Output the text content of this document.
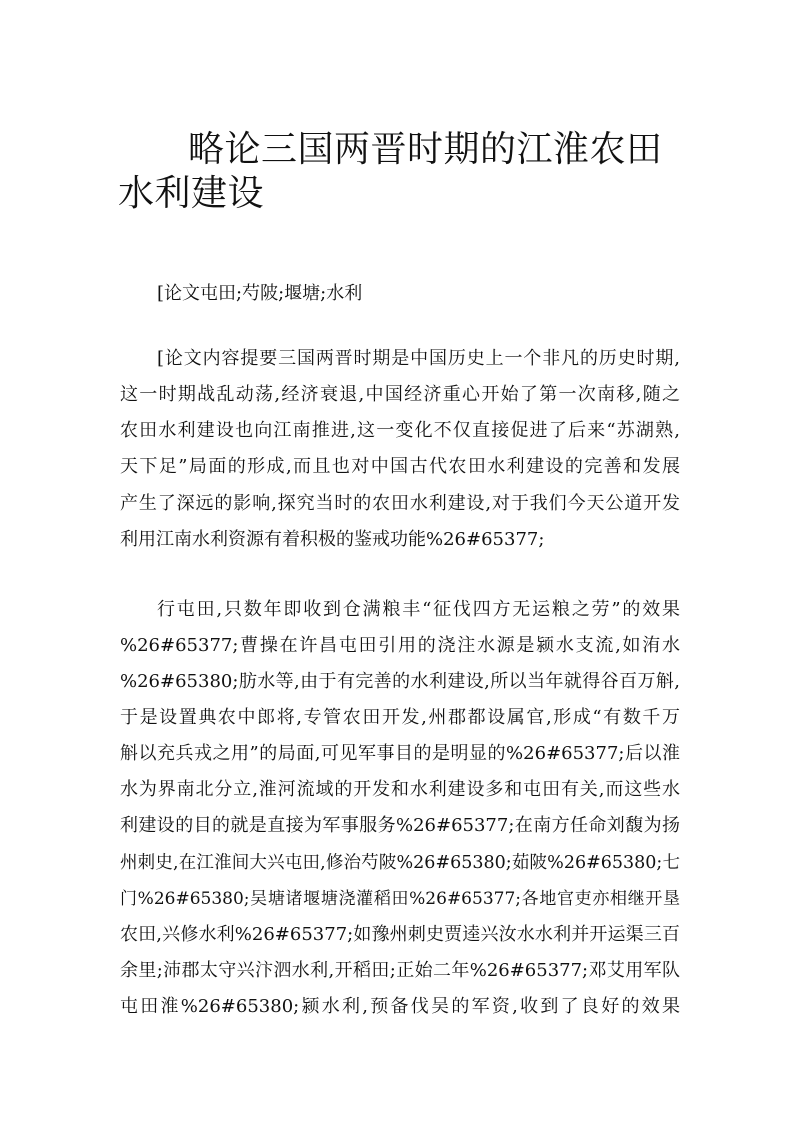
略论三国两晋时期的江淮农田水利建设

[论文屯田;芍陂;堰塘;水利

[论文内容提要三国两晋时期是中国历史上一个非凡的历史时期,

这一时期战乱动荡,经济衰退,中国经济重心开始了第一次南移,随之

农田水利建设也向江南推进,这一变化不仅直接促进了后来“苏湖熟,

天下足”局面的形成,而且也对中国古代农田水利建设的完善和发展

产生了深远的影响,探究当时的农田水利建设,对于我们今天公道开发

利用江南水利资源有着积极的鉴戒功能%26#65377;

行屯田,只数年即收到仓满粮丰“征伐四方无运粮之劳”的效果

%26#65377;曹操在许昌屯田引用的浇注水源是颍水支流,如洧水

%26#65380;肪水等,由于有完善的水利建设,所以当年就得谷百万斛,

于是设置典农中郎将,专管农田开发,州郡都设属官,形成“有数千万

斛以充兵戎之用”的局面,可见军事目的是明显的%26#65377;后以淮

水为界南北分立,淮河流域的开发和水利建设多和屯田有关,而这些水

利建设的目的就是直接为军事服务%26#65377;在南方任命刘馥为扬

州刺史,在江淮间大兴屯田,修治芍陂%26#65380;茹陂%26#65380;七

门%26#65380;吴塘诸堰塘浇灌稻田%26#65377;各地官吏亦相继开垦

农田,兴修水利%26#65377;如豫州刺史贾逵兴汝水水利并开运渠三百

余里;沛郡太守兴汴泗水利,开稻田;正始二年%26#65377;邓艾用军队

屯田淮%26#65380;颍水利,预备伐吴的军资,收到了良好的效果
